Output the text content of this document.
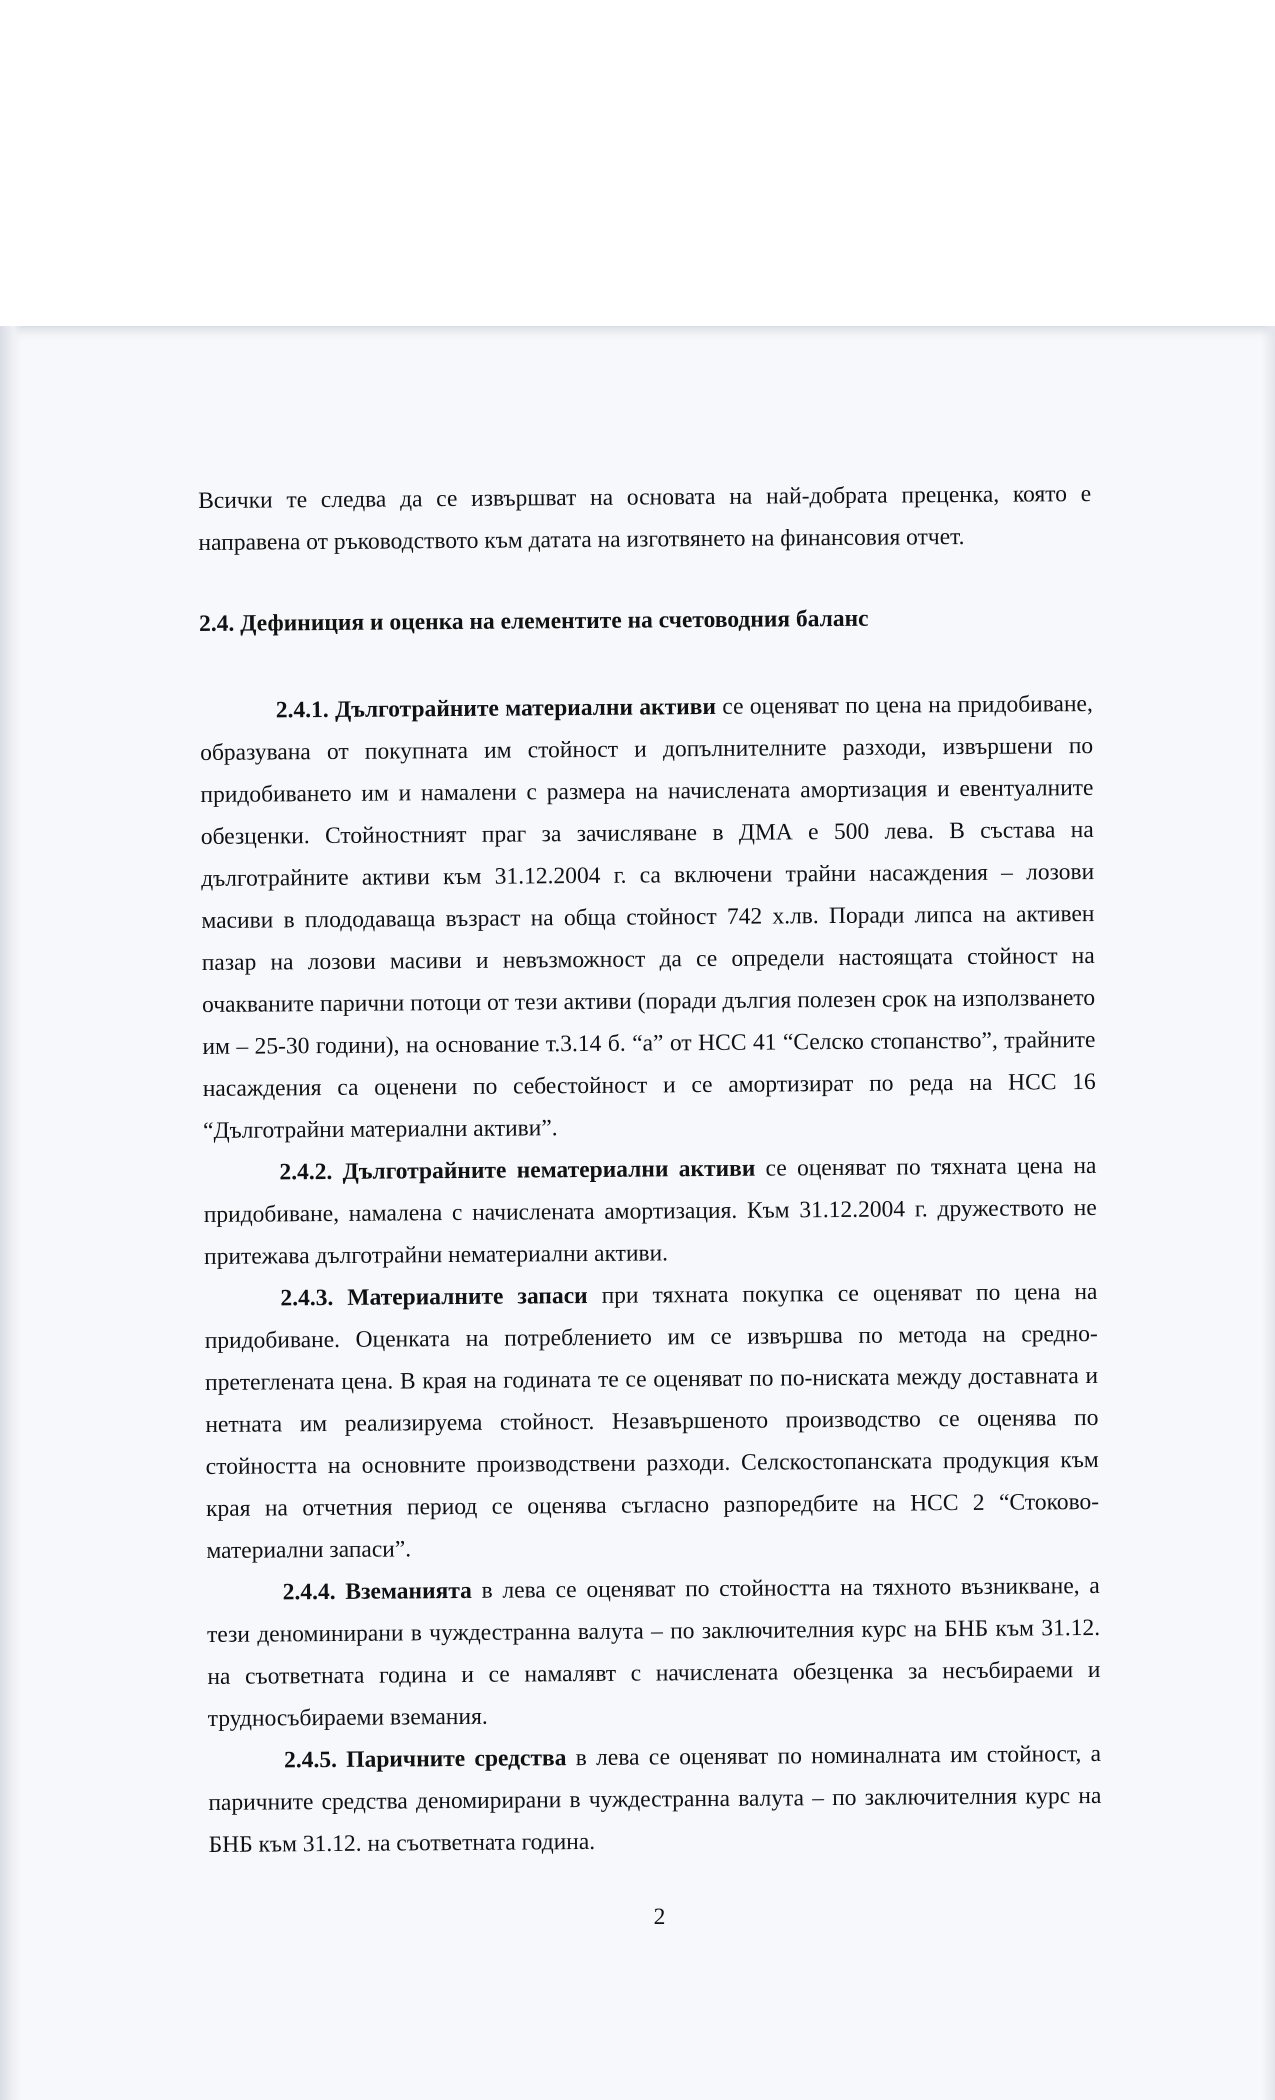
Всички те следва да се извършват на основата на най-добрата преценка, която е направена от ръководството към датата на изготвянето на финансовия отчет.

2.4. Дефиниция и оценка на елементите на счетоводния баланс

2.4.1. Дълготрайните материални активи се оценяват по цена на придобиване, образувана от покупната им стойност и допълнителните разходи, извършени по придобиването им и намалени с размера на начислената амортизация и евентуалните обезценки. Стойностният праг за зачисляване в ДМА е 500 лева. В състава на дълготрайните активи към 31.12.2004 г. са включени трайни насаждения – лозови масиви в плододаваща възраст на обща стойност 742 х.лв. Поради липса на активен пазар на лозови масиви и невъзможност да се определи настоящата стойност на очакваните парични потоци от тези активи (поради дългия полезен срок на използването им – 25-30 години), на основание т.3.14 б. “а” от НСС 41 “Селско стопанство”, трайните насаждения са оценени по себестойност и се амортизират по реда на НСС 16 “Дълготрайни материални активи”.

2.4.2. Дълготрайните нематериални активи се оценяват по тяхната цена на придобиване, намалена с начислената амортизация. Към 31.12.2004 г. дружеството не притежава дълготрайни нематериални активи.

2.4.3. Материалните запаси при тяхната покупка се оценяват по цена на придобиване. Оценката на потреблението им се извършва по метода на средно-претеглената цена. В края на годината те се оценяват по по-ниската между доставната и нетната им реализируема стойност. Незавършеното производство се оценява по стойността на основните производствени разходи. Селскостопанската продукция към края на отчетния период се оценява съгласно разпоредбите на НСС 2 “Стоково-материални запаси”.

2.4.4. Вземанията в лева се оценяват по стойността на тяхното възникване, а тези деноминирани в чуждестранна валута – по заключителния курс на БНБ към 31.12. на съответната година и се намалявт с начислената обезценка за несъбираеми и трудносъбираеми вземания.

2.4.5. Паричните средства в лева се оценяват по номиналната им стойност, а паричните средства деномирирани в чуждестранна валута – по заключителния курс на БНБ към 31.12. на съответната година.

2
